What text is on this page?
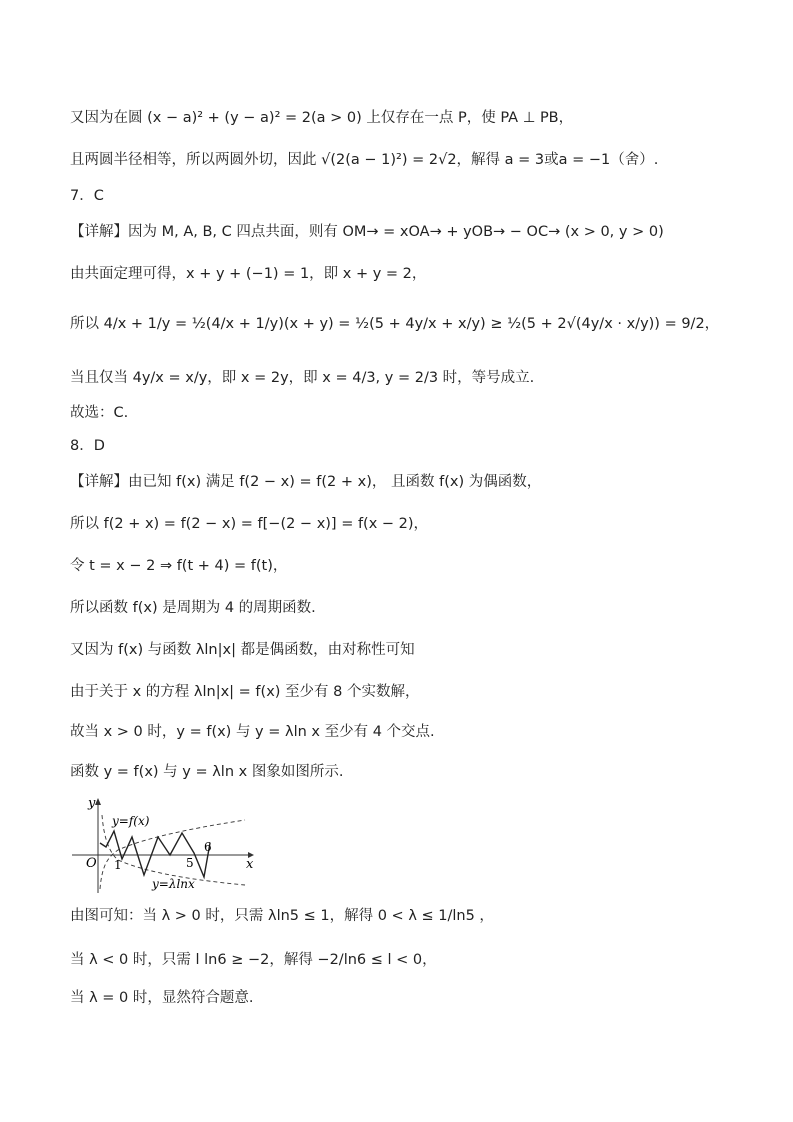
又因为在圆 (x − a)² + (y − a)² = 2(a > 0) 上仅存在一点 P，使 PA ⊥ PB，
且两圆半径相等，所以两圆外切，因此 √(2(a − 1)²) = 2√2，解得 a = 3或a = −1（舍）.
7．C
【详解】因为 M, A, B, C 四点共面，则有 OM→ = xOA→ + yOB→ − OC→ (x > 0, y > 0)
由共面定理可得，x + y + (−1) = 1，即 x + y = 2，
所以 4/x + 1/y = ½(4/x + 1/y)(x + y) = ½(5 + 4y/x + x/y) ≥ ½(5 + 2√(4y/x · x/y)) = 9/2，
当且仅当 4y/x = x/y，即 x = 2y，即 x = 4/3, y = 2/3 时，等号成立.
故选：C.
8．D
【详解】由已知 f(x) 满足 f(2 − x) = f(2 + x)， 且函数 f(x) 为偶函数，
所以 f(2 + x) = f(2 − x) = f[−(2 − x)] = f(x − 2)，
令 t = x − 2 ⇒ f(t + 4) = f(t)，
所以函数 f(x) 是周期为 4 的周期函数.
又因为 f(x) 与函数 λln|x| 都是偶函数，由对称性可知
由于关于 x 的方程 λln|x| = f(x) 至少有 8 个实数解，
故当 x > 0 时，y = f(x) 与 y = λln x 至少有 4 个交点.
函数 y = f(x) 与 y = λln x 图象如图所示.
y
x
O 1	5
6
y=f(x)
y=λlnx
由图可知：当 λ > 0 时，只需 λln5 ≤ 1，解得 0 < λ ≤ 1/ln5 ，
当 λ < 0 时，只需 l ln6 ≥ −2，解得 −2/ln6 ≤ l < 0，
当 λ = 0 时，显然符合题意.
